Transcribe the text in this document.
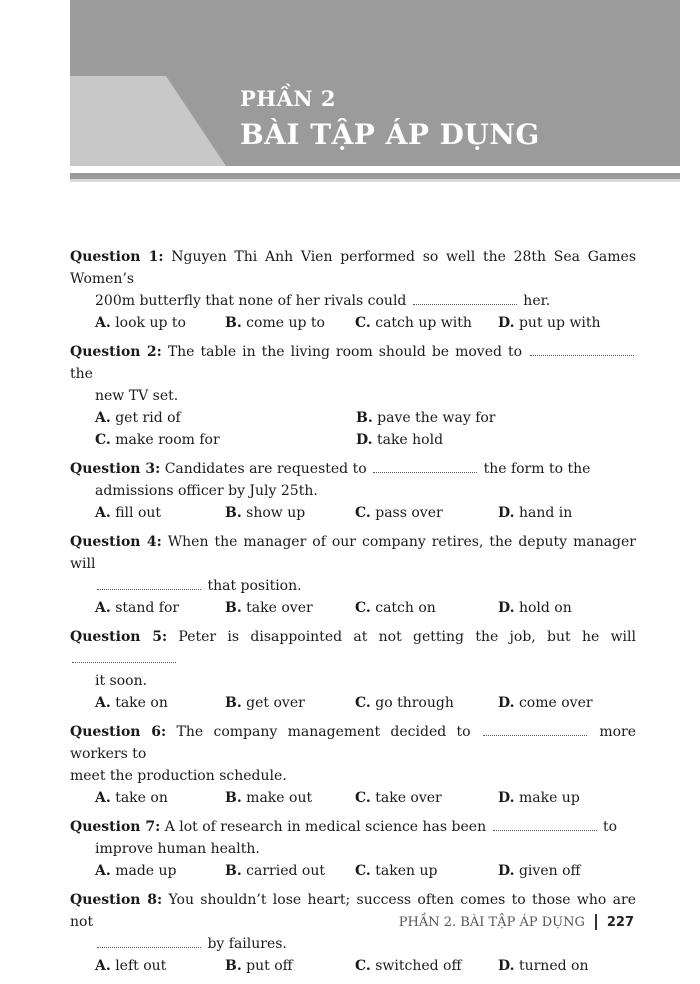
PHẦN 2
BÀI TẬP ÁP DỤNG
Question 1: Nguyen Thi Anh Vien performed so well the 28th Sea Games Women’s
200m butterfly that none of her rivals could	her.
A. look up to	B. come up to	C. catch up with	D. put up with
Question 2: The table in the living room should be moved to  the
new TV set.
A. get rid of	B. pave the way for
C. make room for	D. take hold
Question 3: Candidates are requested to	the form to the
admissions officer by July 25th.
A. fill out	B. show up	C. pass over	D. hand in
Question 4: When the manager of our company retires, the deputy manager will
that position.
A. stand for	B. take over	C. catch on	D. hold on
Question 5: Peter is disappointed at not getting the job, but he will
it soon.
A. take on	B. get over	C. go through	D. come over
Question 6: The company management decided to	more workers to
meet the production schedule.
A. take on	B. make out	C. take over	D. make up
Question 7: A lot of research in medical science has been	to
improve human health.
A. made up	B. carried out	C. taken up	D. given off
Question 8: You shouldn’t lose heart; success often comes to those who are not
by failures.
A. left out	B. put off	C. switched off	D. turned on
PHẦN 2. BÀI TẬP ÁP DỤNG 227
